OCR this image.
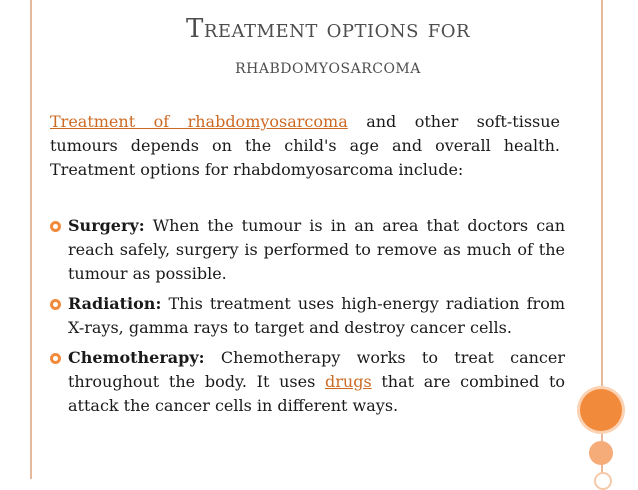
Treatment options for
rhabdomyosarcoma
Treatment of rhabdomyosarcoma and other soft-tissue tumours depends on the child's age and overall health. Treatment options for rhabdomyosarcoma include:
Surgery: When the tumour is in an area that doctors can reach safely, surgery is performed to remove as much of the tumour as possible.
Radiation: This treatment uses high-energy radiation from X-rays, gamma rays to target and destroy cancer cells.
Chemotherapy: Chemotherapy works to treat cancer throughout the body. It uses drugs that are combined to attack the cancer cells in different ways.
